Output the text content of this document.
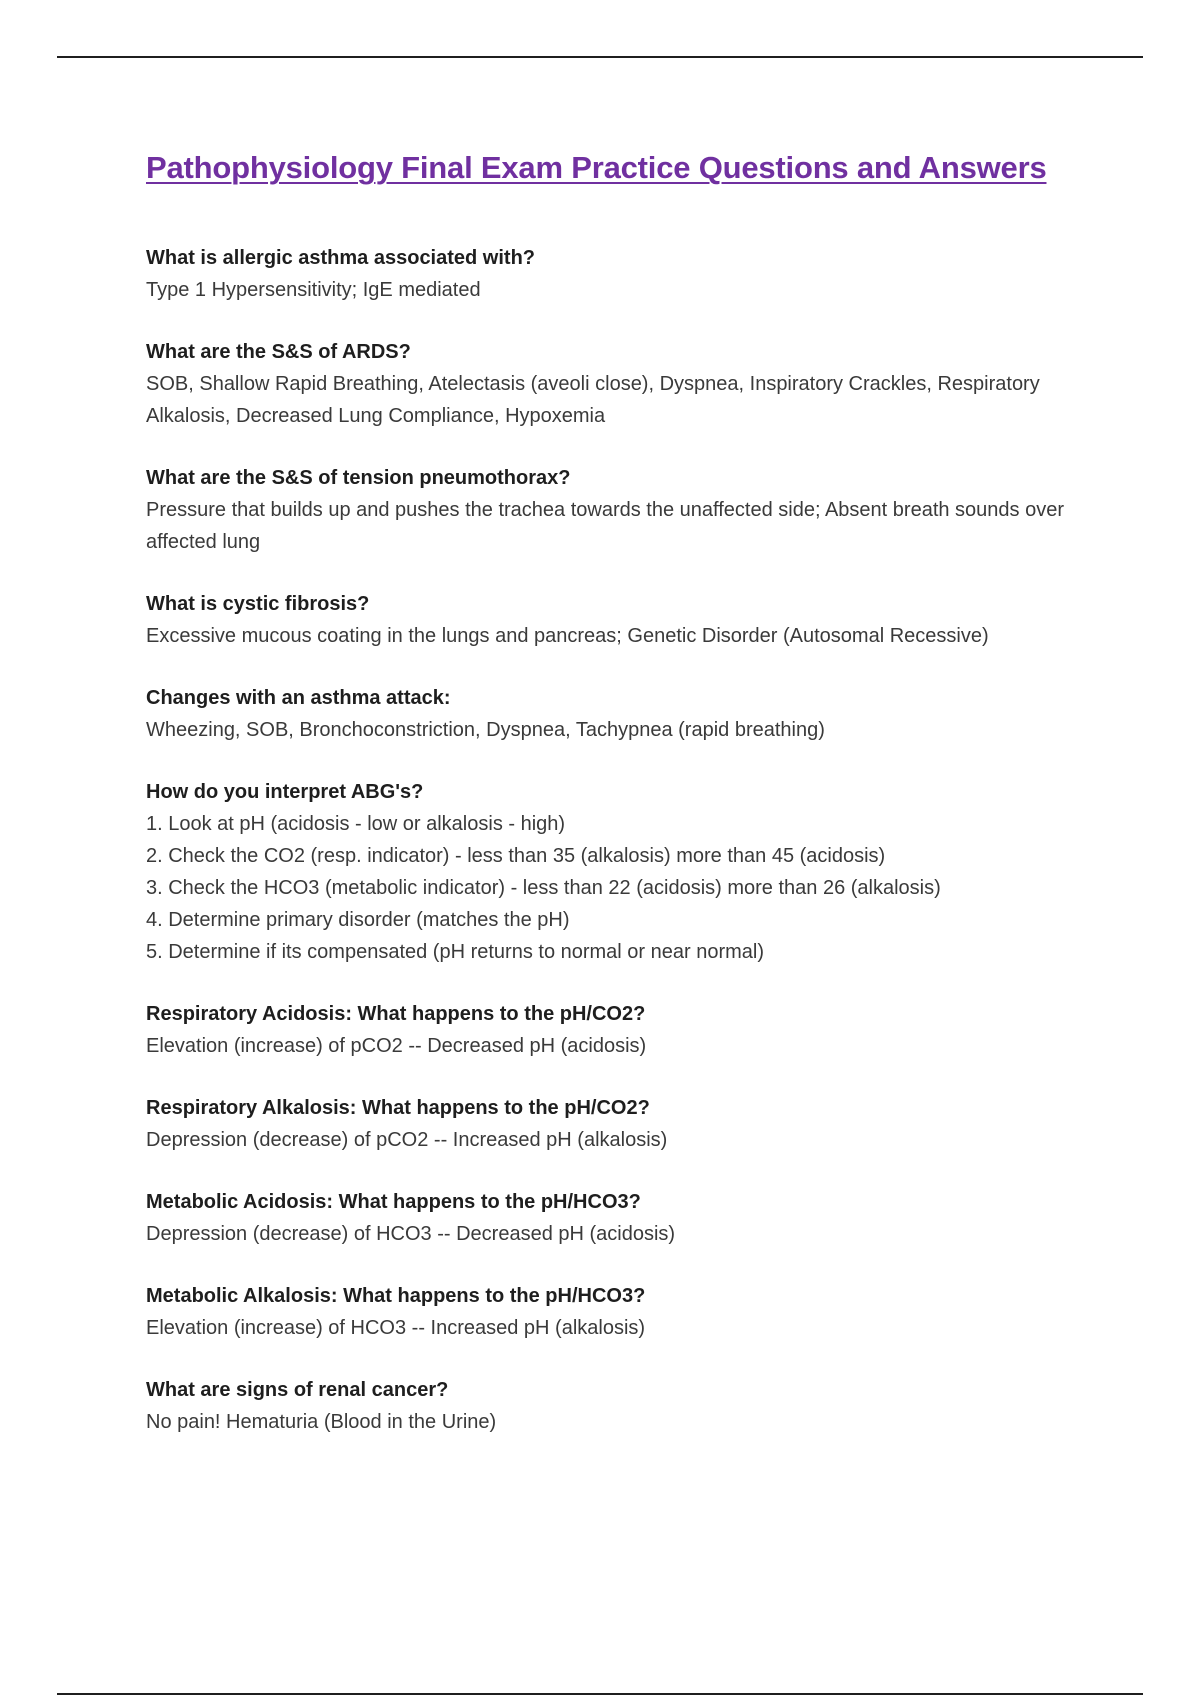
Pathophysiology Final Exam Practice Questions and Answers

What is allergic asthma associated with?

Type 1 Hypersensitivity; IgE mediated

What are the S&S of ARDS?

SOB, Shallow Rapid Breathing, Atelectasis (aveoli close), Dyspnea, Inspiratory Crackles, Respiratory Alkalosis, Decreased Lung Compliance, Hypoxemia

What are the S&S of tension pneumothorax?

Pressure that builds up and pushes the trachea towards the unaffected side; Absent breath sounds over affected lung

What is cystic fibrosis?

Excessive mucous coating in the lungs and pancreas; Genetic Disorder (Autosomal Recessive)

Changes with an asthma attack:

Wheezing, SOB, Bronchoconstriction, Dyspnea, Tachypnea (rapid breathing)

How do you interpret ABG's?

1. Look at pH (acidosis - low or alkalosis - high)
2. Check the CO2 (resp. indicator) - less than 35 (alkalosis) more than 45 (acidosis)
3. Check the HCO3 (metabolic indicator) - less than 22 (acidosis) more than 26 (alkalosis)
4. Determine primary disorder (matches the pH)
5. Determine if its compensated (pH returns to normal or near normal)

Respiratory Acidosis: What happens to the pH/CO2?

Elevation (increase) of pCO2 -- Decreased pH (acidosis)

Respiratory Alkalosis: What happens to the pH/CO2?

Depression (decrease) of pCO2 -- Increased pH (alkalosis)

Metabolic Acidosis: What happens to the pH/HCO3?

Depression (decrease) of HCO3 -- Decreased pH (acidosis)

Metabolic Alkalosis: What happens to the pH/HCO3?

Elevation (increase) of HCO3 -- Increased pH (alkalosis)

What are signs of renal cancer?

No pain! Hematuria (Blood in the Urine)
